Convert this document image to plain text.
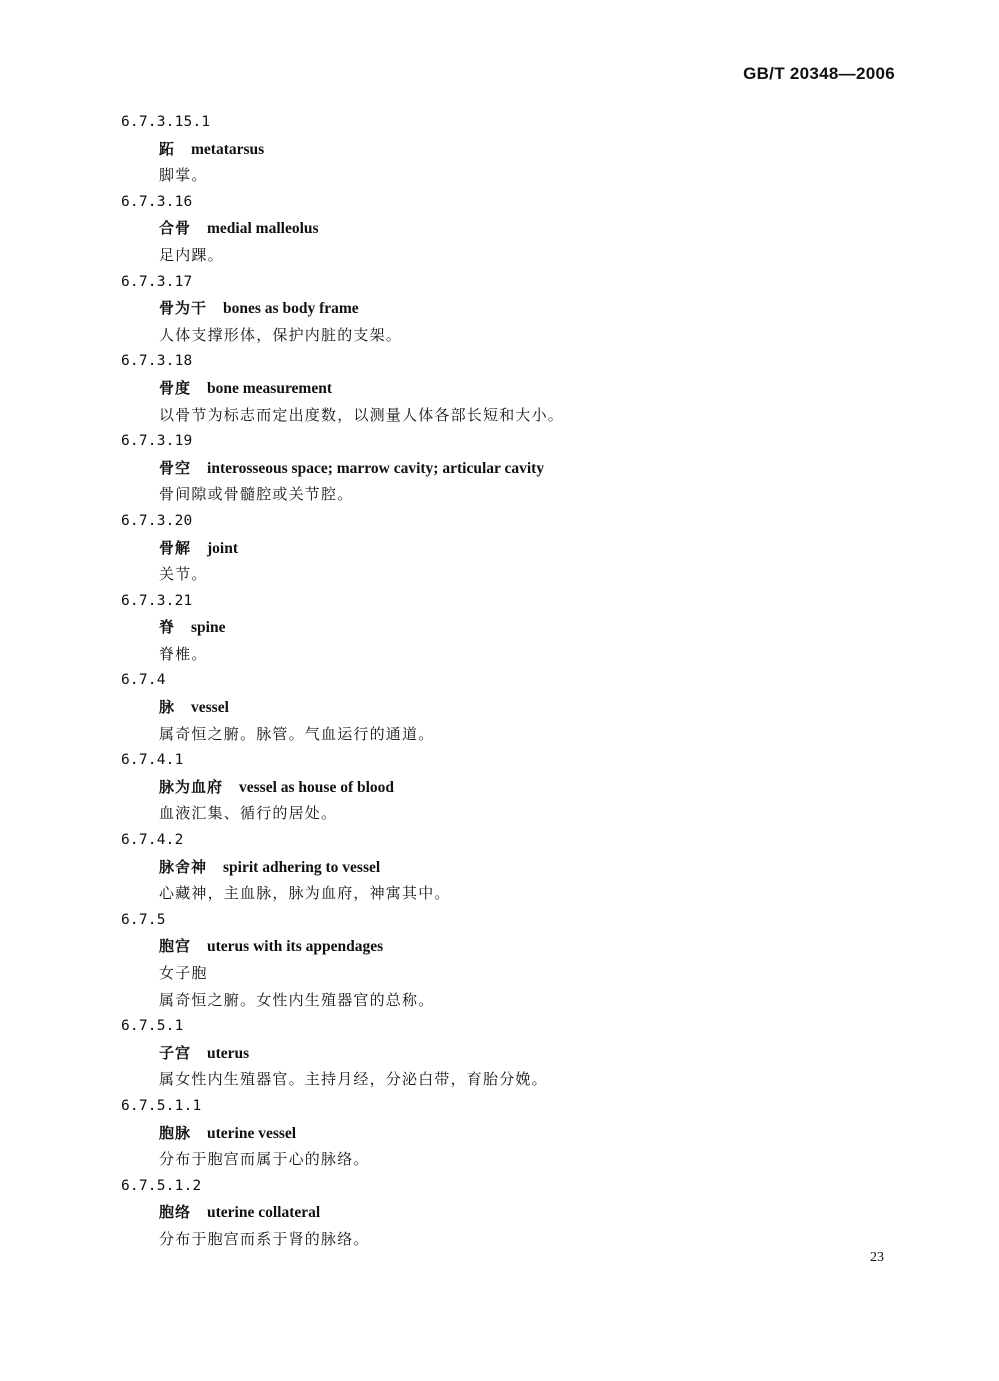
GB/T 20348—2006
6.7.3.15.1
跖 metatarsus
脚掌。
6.7.3.16
合骨 medial malleolus
足内踝。
6.7.3.17
骨为干 bones as body frame
人体支撑形体，保护内脏的支架。
6.7.3.18
骨度 bone measurement
以骨节为标志而定出度数，以测量人体各部长短和大小。
6.7.3.19
骨空 interosseous space; marrow cavity; articular cavity
骨间隙或骨髓腔或关节腔。
6.7.3.20
骨解 joint
关节。
6.7.3.21
脊 spine
脊椎。
6.7.4
脉 vessel
属奇恒之腑。脉管。气血运行的通道。
6.7.4.1
脉为血府 vessel as house of blood
血液汇集、循行的居处。
6.7.4.2
脉舍神 spirit adhering to vessel
心藏神，主血脉，脉为血府，神寓其中。
6.7.5
胞宫 uterus with its appendages
女子胞
属奇恒之腑。女性内生殖器官的总称。
6.7.5.1
子宫 uterus
属女性内生殖器官。主持月经，分泌白带，育胎分娩。
6.7.5.1.1
胞脉 uterine vessel
分布于胞宫而属于心的脉络。
6.7.5.1.2
胞络 uterine collateral
分布于胞宫而系于肾的脉络。
23
